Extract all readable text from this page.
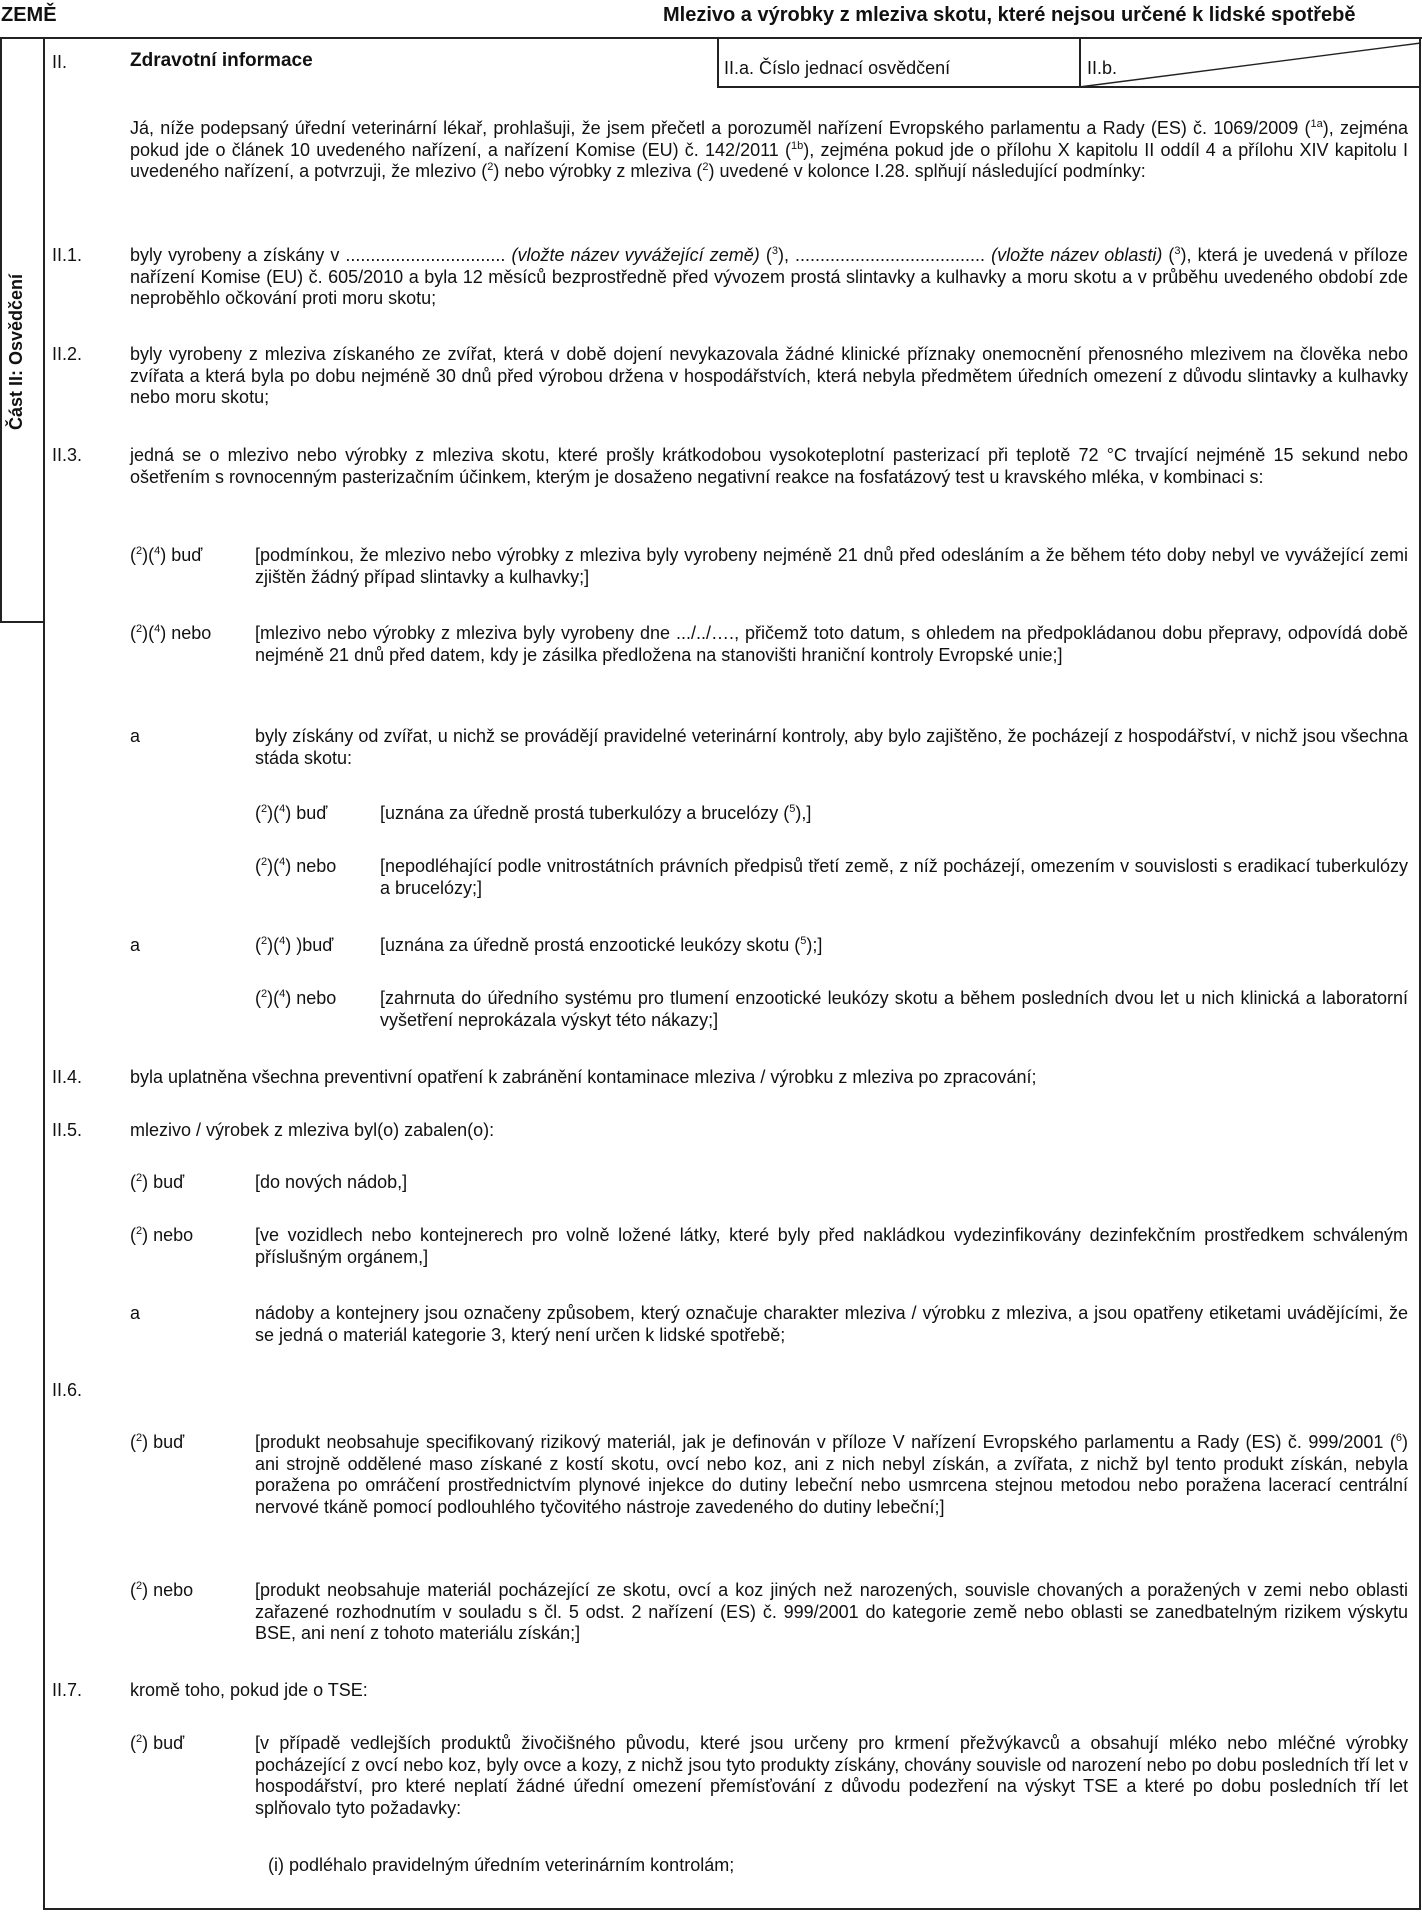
ZEMĚ	Mlezivo a výrobky z mleziva skotu, které nejsou určené k lidské spotřebě
II.	Zdravotní informace	II.a. Číslo jednací osvědčení	II.b.
Část II: Osvědčení
Já, níže podepsaný úřední veterinární lékař, prohlašuji, že jsem přečetl a porozuměl nařízení Evropského parlamentu a Rady (ES) č. 1069/2009 ($^{1a}$), zejména pokud jde o článek 10 uvedeného nařízení, a nařízení Komise (EU) č. 142/2011 ($^{1b}$), zejména pokud jde o přílohu X kapitolu II oddíl 4 a přílohu XIV kapitolu I uvedeného nařízení, a potvrzuji, že mlezivo ($^2$) nebo výrobky z mleziva ($^2$) uvedené v kolonce I.28. splňují následující podmínky:
II.1.	byly vyrobeny a získány v ................................ (vložte název vyvážející země) ($^3$), ...................................... (vložte název oblasti) ($^3$), která je uvedená v příloze nařízení Komise (EU) č. 605/2010 a byla 12 měsíců bezprostředně před vývozem prostá slintavky a kulhavky a moru skotu a v průběhu uvedeného období zde neproběhlo očkování proti moru skotu;
II.2.	byly vyrobeny z mleziva získaného ze zvířat, která v době dojení nevykazovala žádné klinické příznaky onemocnění přenosného mlezivem na člověka nebo zvířata a která byla po dobu nejméně 30 dnů před výrobou držena v hospodářstvích, která nebyla předmětem úředních omezení z důvodu slintavky a kulhavky nebo moru skotu;
II.3.	jedná se o mlezivo nebo výrobky z mleziva skotu, které prošly krátkodobou vysokoteplotní pasterizací při teplotě 72 °C trvající nejméně 15 sekund nebo ošetřením s rovnocenným pasterizačním účinkem, kterým je dosaženo negativní reakce na fosfatázový test u kravského mléka, v kombinaci s:
($^2$)($^4$) buď	[podmínkou, že mlezivo nebo výrobky z mleziva byly vyrobeny nejméně 21 dnů před odesláním a že během této doby nebyl ve vyvážející zemi zjištěn žádný případ slintavky a kulhavky;]
($^2$)($^4$) nebo [mlezivo nebo výrobky z mleziva byly vyrobeny dne .../../…., přičemž toto datum, s ohledem na předpokládanou dobu přepravy, odpovídá době nejméně 21 dnů před datem, kdy je zásilka předložena na stanovišti hraniční kontroly Evropské unie;]
a	byly získány od zvířat, u nichž se provádějí pravidelné veterinární kontroly, aby bylo zajištěno, že pocházejí z hospodářství, v nichž jsou všechna stáda skotu:
($^2$)($^4$) buď	[uznána za úředně prostá tuberkulózy a brucelózy ($^5$),]
($^2$)($^4$) nebo [nepodléhající podle vnitrostátních právních předpisů třetí země, z níž pocházejí, omezením v souvislosti s eradikací tuberkulózy a brucelózy;]
a	($^2$)($^4$) )buď	[uznána za úředně prostá enzootické leukózy skotu ($^5$);]
($^2$)($^4$) nebo [zahrnuta do úředního systému pro tlumení enzootické leukózy skotu a během posledních dvou let u nich klinická a laboratorní vyšetření neprokázala výskyt této nákazy;]
II.4.	byla uplatněna všechna preventivní opatření k zabránění kontaminace mleziva / výrobku z mleziva po zpracování;
II.5.	mlezivo / výrobek z mleziva byl(o) zabalen(o):
($^2$) buď	[do nových nádob,]
($^2$) nebo	[ve vozidlech nebo kontejnerech pro volně ložené látky, které byly před nakládkou vydezinfikovány dezinfekčním prostředkem schváleným příslušným orgánem,]
a	nádoby a kontejnery jsou označeny způsobem, který označuje charakter mleziva / výrobku z mleziva, a jsou opatřeny etiketami uvádějícími, že se jedná o materiál kategorie 3, který není určen k lidské spotřebě;
II.6.
($^2$) buď	[produkt neobsahuje specifikovaný rizikový materiál, jak je definován v příloze V nařízení Evropského parlamentu a Rady (ES) č. 999/2001 ($^6$) ani strojně oddělené maso získané z kostí skotu, ovcí nebo koz, ani z nich nebyl získán, a zvířata, z nichž byl tento produkt získán, nebyla poražena po omráčení prostřednictvím plynové injekce do dutiny lebeční nebo usmrcena stejnou metodou nebo poražena lacerací centrální nervové tkáně pomocí podlouhlého tyčovitého nástroje zavedeného do dutiny lebeční;]
($^2$) nebo	[produkt neobsahuje materiál pocházející ze skotu, ovcí a koz jiných než narozených, souvisle chovaných a poražených v zemi nebo oblasti zařazené rozhodnutím v souladu s čl. 5 odst. 2 nařízení (ES) č. 999/2001 do kategorie země nebo oblasti se zanedbatelným rizikem výskytu BSE, ani není z tohoto materiálu získán;]
II.7.	kromě toho, pokud jde o TSE:
($^2$) buď	[v případě vedlejších produktů živočišného původu, které jsou určeny pro krmení přežvýkavců a obsahují mléko nebo mléčné výrobky pocházející z ovcí nebo koz, byly ovce a kozy, z nichž jsou tyto produkty získány, chovány souvisle od narození nebo po dobu posledních tří let v hospodářství, pro které neplatí žádné úřední omezení přemísťování z důvodu podezření na výskyt TSE a které po dobu posledních tří let splňovalo tyto požadavky:
(i) podléhalo pravidelným úředním veterinárním kontrolám;
